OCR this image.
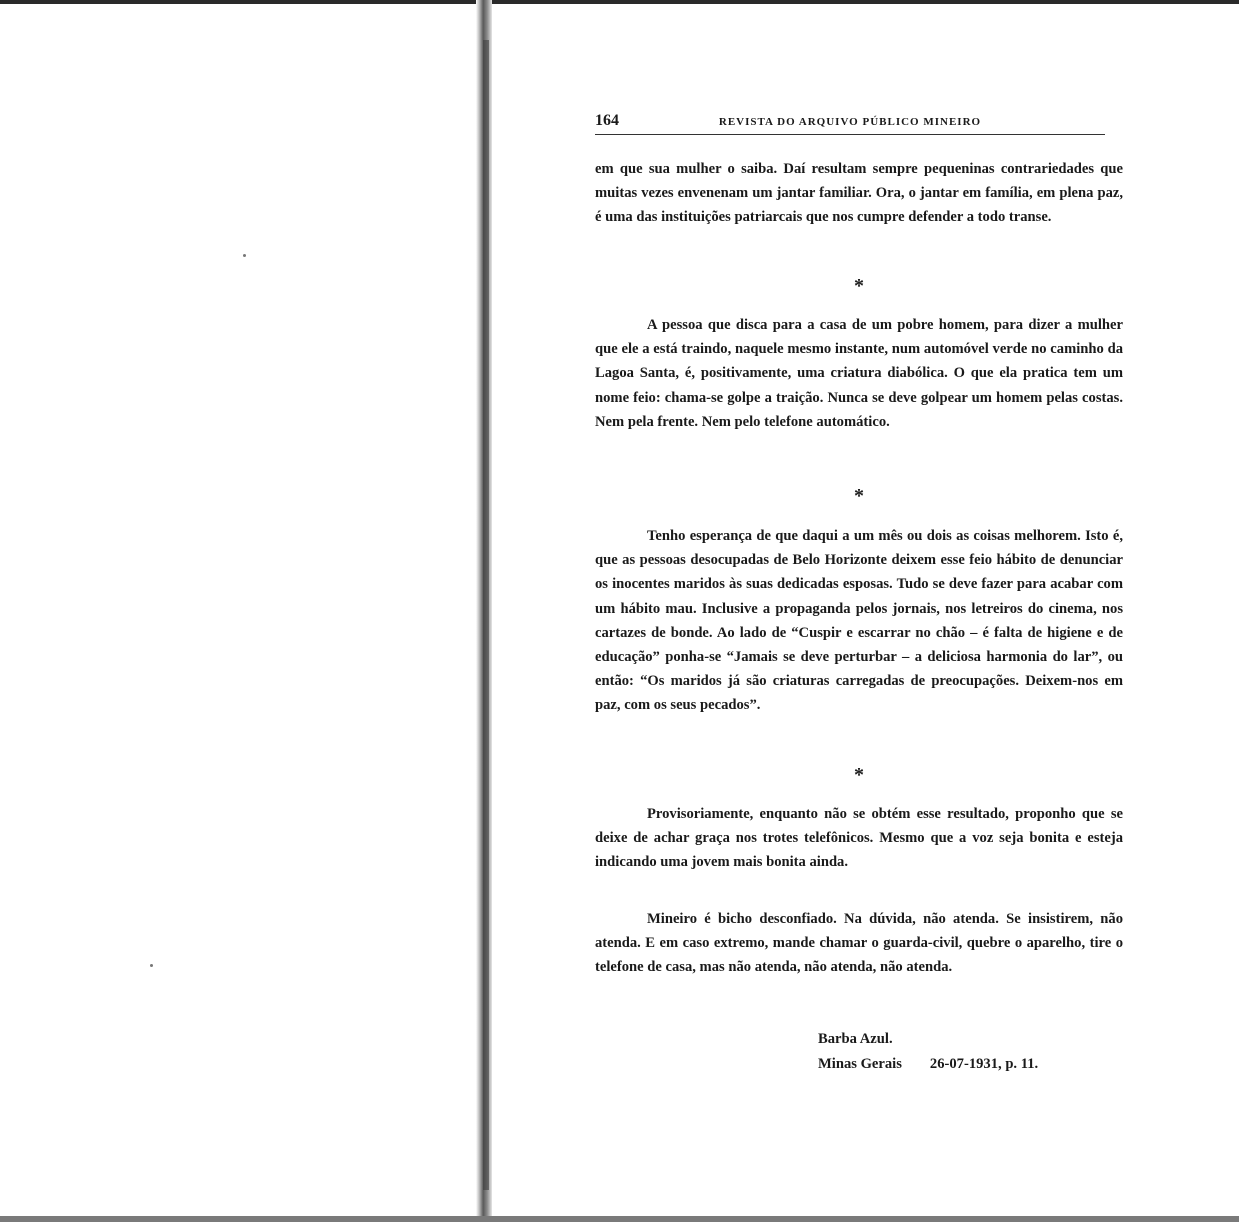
164	REVISTA DO ARQUIVO PÚBLICO MINEIRO

em que sua mulher o saiba. Daí resultam sempre pequeninas contrariedades que muitas vezes envenenam um jantar familiar. Ora, o jantar em família, em plena paz, é uma das instituições patriarcais que nos cumpre defender a todo transe.

*

A pessoa que disca para a casa de um pobre homem, para dizer a mulher que ele a está traindo, naquele mesmo instante, num automóvel verde no caminho da Lagoa Santa, é, positivamente, uma criatura diabólica. O que ela pratica tem um nome feio: chama-se golpe a traição. Nunca se deve golpear um homem pelas costas. Nem pela frente. Nem pelo telefone automático.

*

Tenho esperança de que daqui a um mês ou dois as coisas melhorem. Isto é, que as pessoas desocupadas de Belo Horizonte deixem esse feio hábito de denunciar os inocentes maridos às suas dedicadas esposas. Tudo se deve fazer para acabar com um hábito mau. Inclusive a propaganda pelos jornais, nos letreiros do cinema, nos cartazes de bonde. Ao lado de “Cuspir e escarrar no chão – é falta de higiene e de educação” ponha-se “Jamais se deve perturbar – a deliciosa harmonia do lar”, ou então: “Os maridos já são criaturas carregadas de preocupações. Deixem-nos em paz, com os seus pecados”.

*

Provisoriamente, enquanto não se obtém esse resultado, proponho que se deixe de achar graça nos trotes telefônicos. Mesmo que a voz seja bonita e esteja indicando uma jovem mais bonita ainda.

Mineiro é bicho desconfiado. Na dúvida, não atenda. Se insistirem, não atenda. E em caso extremo, mande chamar o guarda-civil, quebre o aparelho, tire o telefone de casa, mas não atenda, não atenda, não atenda.

Barba Azul.
Minas Gerais 26-07-1931, p. 11.
